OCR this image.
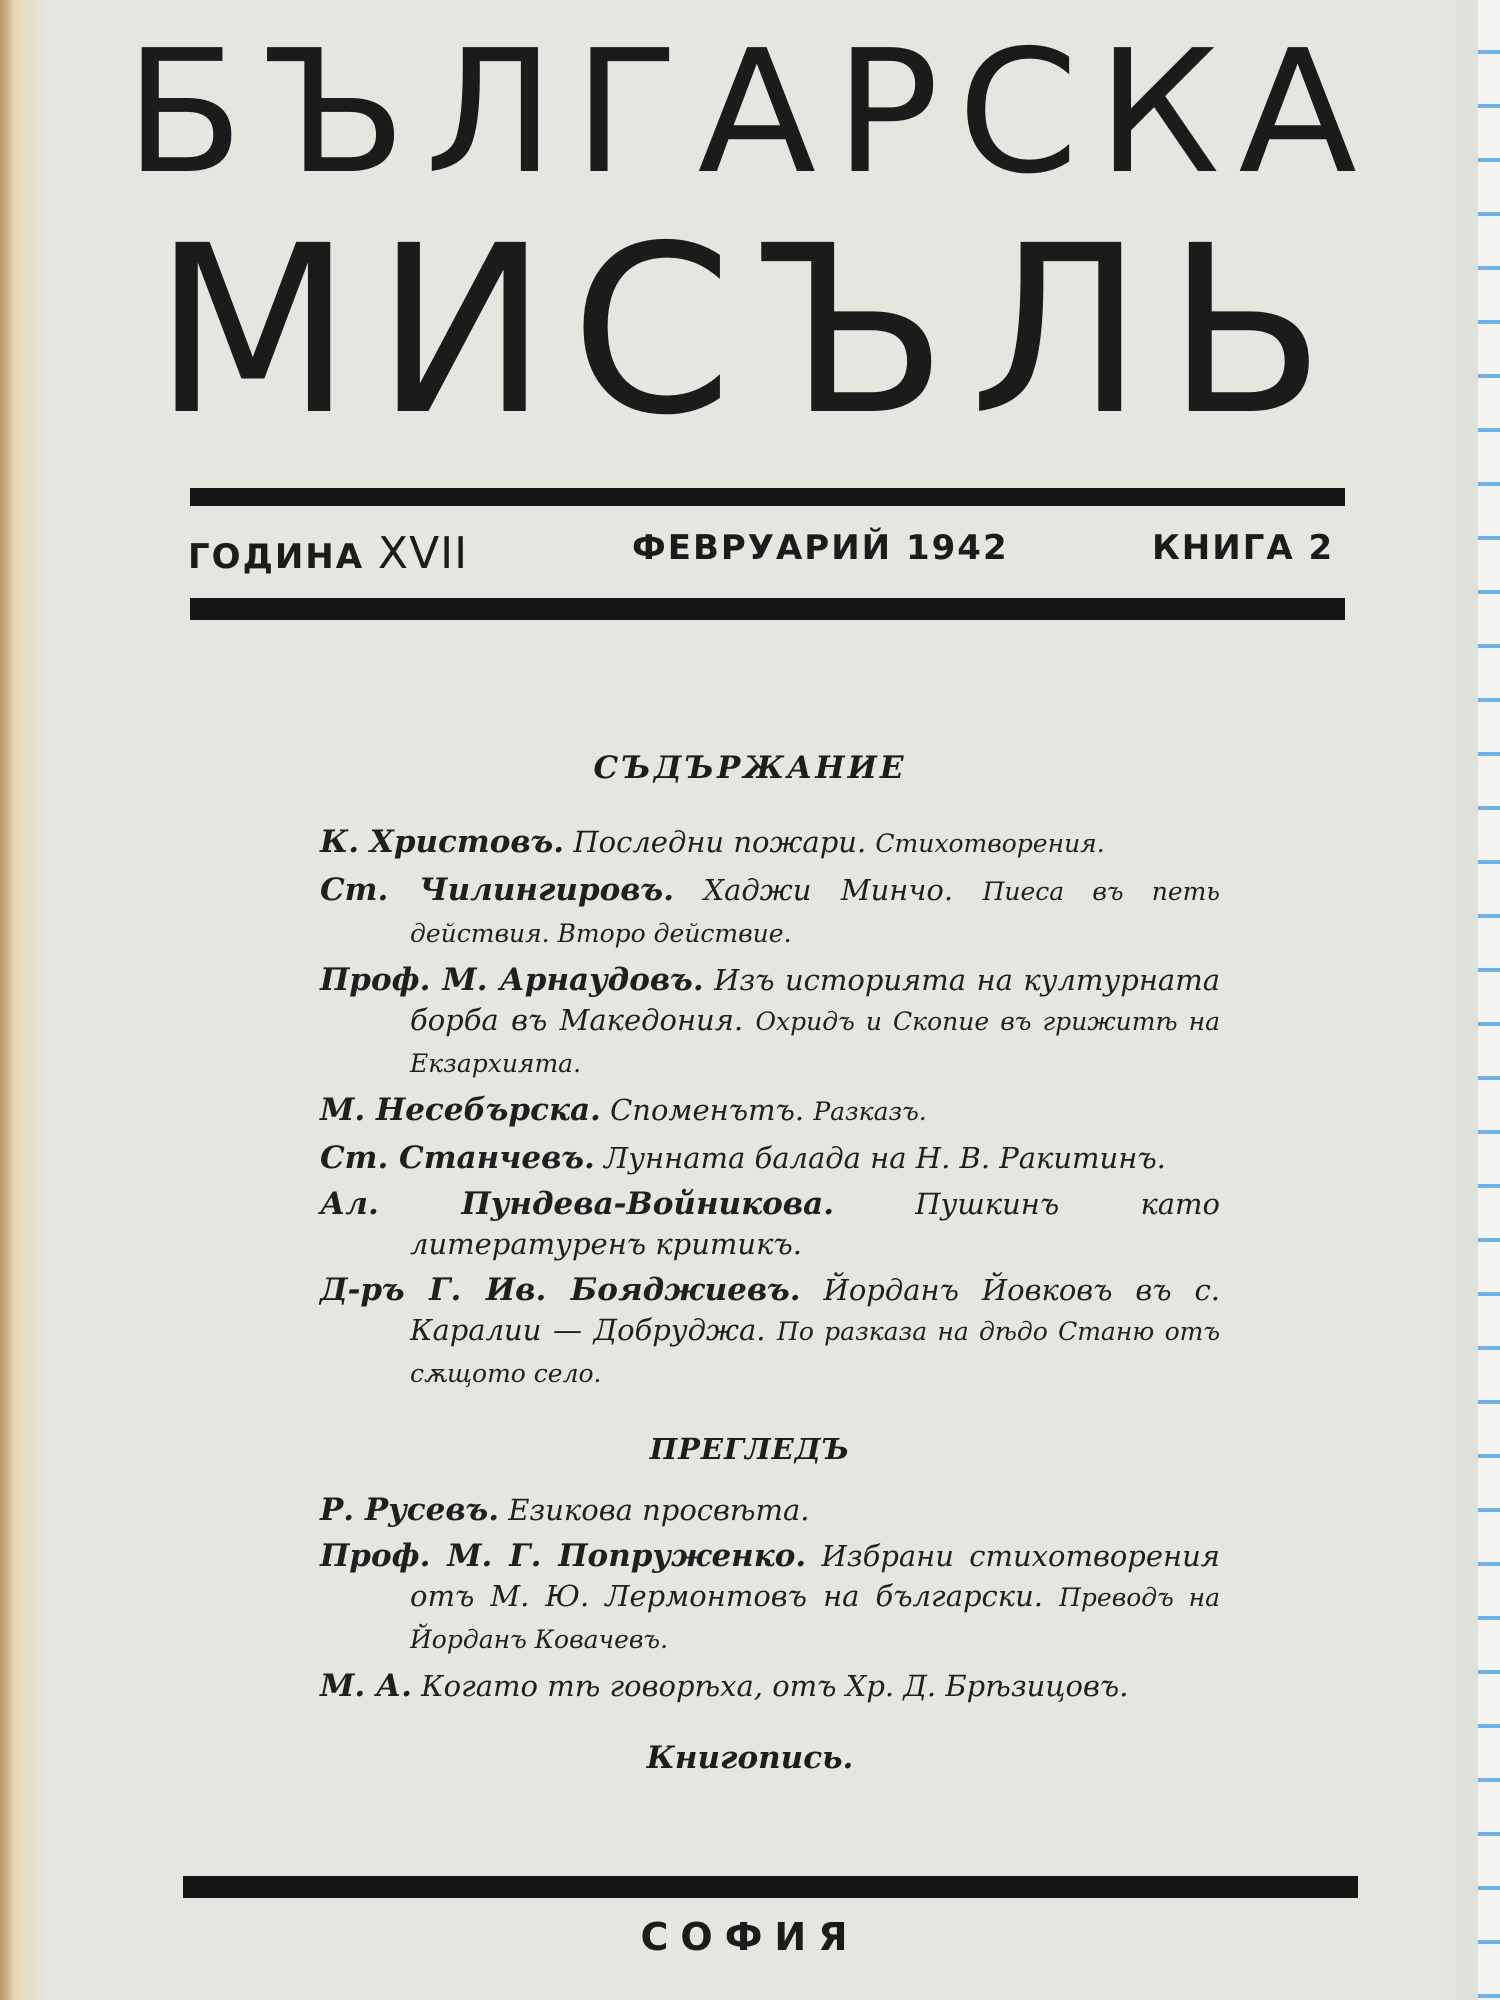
БЪЛГАРСКА
МИСЪЛЬ
ГОДИНА XVII	ФЕВРУАРИЙ 1942	КНИГА 2
СЪДЪРЖАНИЕ
К. Христовъ. Последни пожари. Стихотворения.
Ст. Чилингировъ. Хаджи Минчо. Пиеса въ петь действия. Второ действие.
Проф. М. Арнаудовъ. Изъ историята на културната борба въ Македония. Охридъ и Скопие въ грижитѣ на Екзархията.
М. Несебърска. Споменътъ. Разказъ.
Ст. Станчевъ. Лунната балада на Н. В. Ракитинъ.
Ал. Пундева-Войникова.	Пушкинъ като литературенъ критикъ.
Д-ръ Г. Ив. Бояджиевъ. Йорданъ Йовковъ въ с. Каралии — Добруджа. По разказа на дѣдо Станю отъ сѫщото село.
ПРЕГЛЕДЪ
Р. Русевъ. Езикова просвѣта.
Проф. М. Г. Попруженко. Избрани стихотворения отъ М. Ю. Лермонтовъ на български. Преводъ на Йорданъ Ковачевъ.
М. А. Когато тѣ говорѣха, отъ Хр. Д. Брѣзицовъ.
Книгопись.
СОФИЯ
